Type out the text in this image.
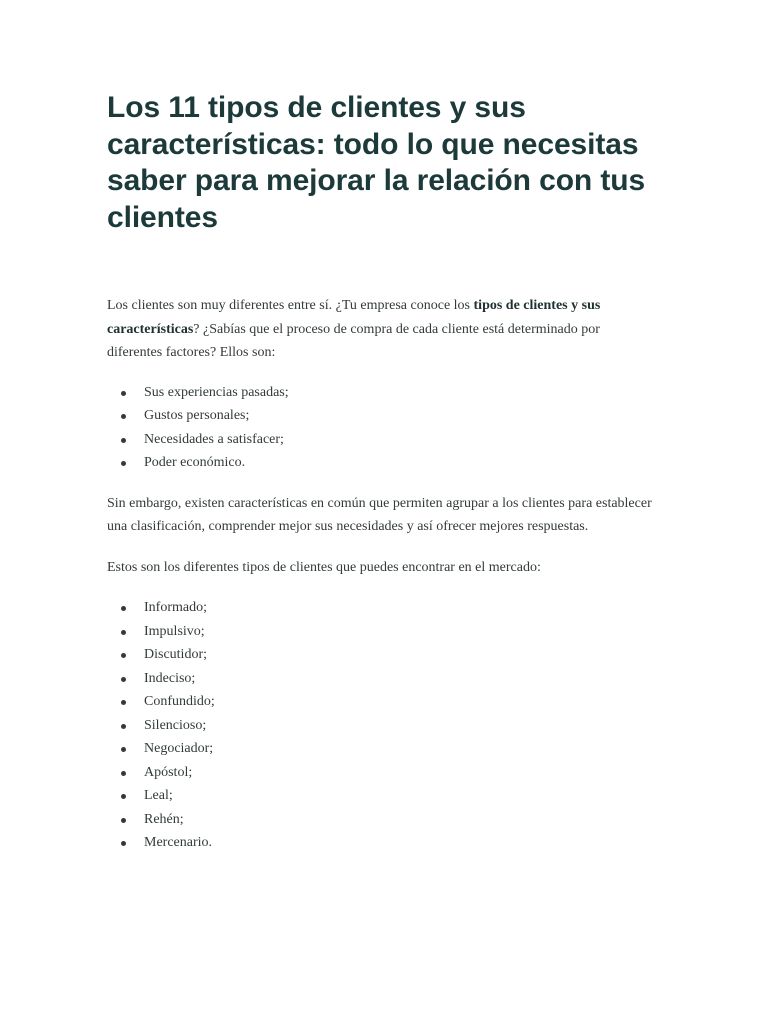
Los 11 tipos de clientes y sus características: todo lo que necesitas saber para mejorar la relación con tus clientes

Los clientes son muy diferentes entre sí. ¿Tu empresa conoce los tipos de clientes y sus características? ¿Sabías que el proceso de compra de cada cliente está determinado por diferentes factores? Ellos son:

Sus experiencias pasadas;
Gustos personales;
Necesidades a satisfacer;
Poder económico.

Sin embargo, existen características en común que permiten agrupar a los clientes para establecer una clasificación, comprender mejor sus necesidades y así ofrecer mejores respuestas.

Estos son los diferentes tipos de clientes que puedes encontrar en el mercado:

Informado;
Impulsivo;
Discutidor;
Indeciso;
Confundido;
Silencioso;
Negociador;
Apóstol;
Leal;
Rehén;
Mercenario.
